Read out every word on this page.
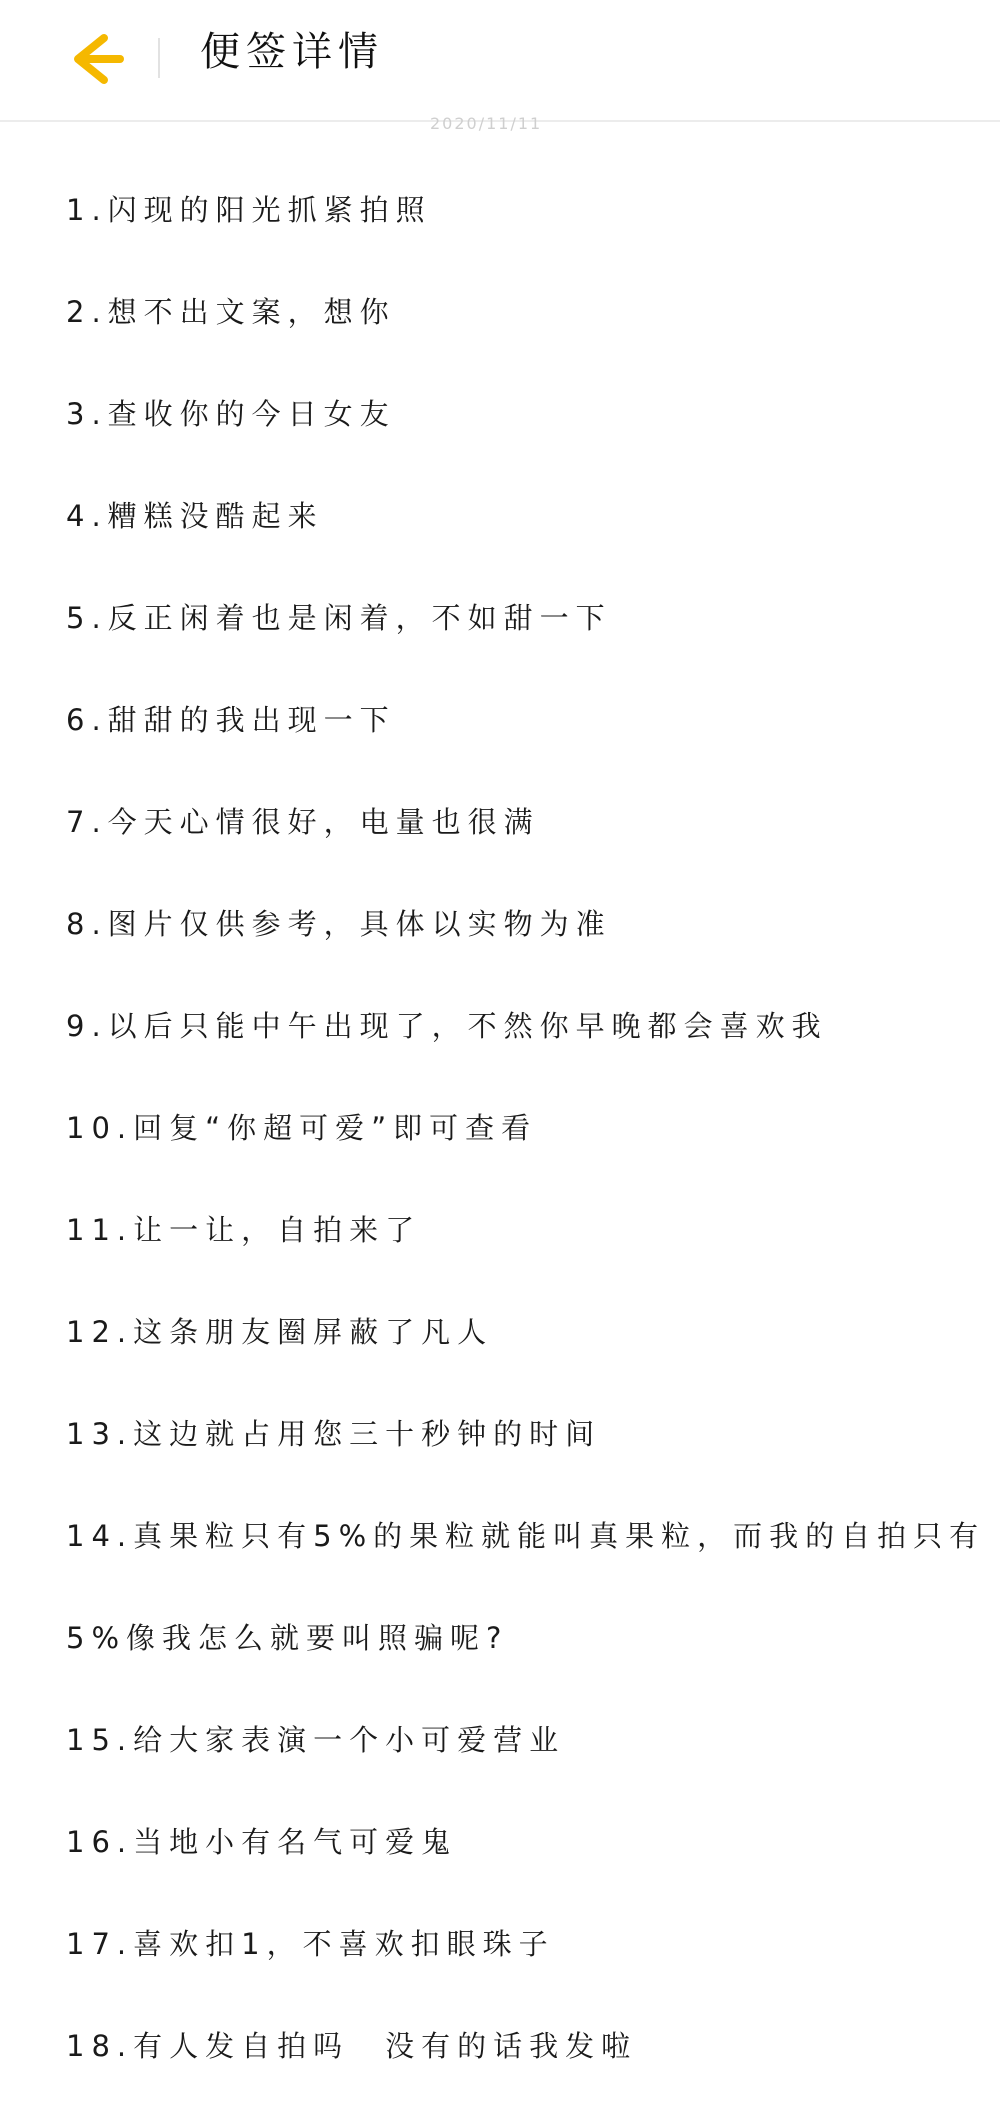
便签详情
2020/11/11
1.闪现的阳光抓紧拍照
2.想不出文案，想你
3.查收你的今日女友
4.糟糕没酷起来
5.反正闲着也是闲着，不如甜一下
6.甜甜的我出现一下
7.今天心情很好，电量也很满
8.图片仅供参考，具体以实物为准
9.以后只能中午出现了，不然你早晚都会喜欢我
10.回复“你超可爱”即可查看
11.让一让，自拍来了
12.这条朋友圈屏蔽了凡人
13.这边就占用您三十秒钟的时间
14.真果粒只有5%的果粒就能叫真果粒，而我的自拍只有
5%像我怎么就要叫照骗呢?
15.给大家表演一个小可爱营业
16.当地小有名气可爱鬼
17.喜欢扣1，不喜欢扣眼珠子
18.有人发自拍吗　没有的话我发啦
